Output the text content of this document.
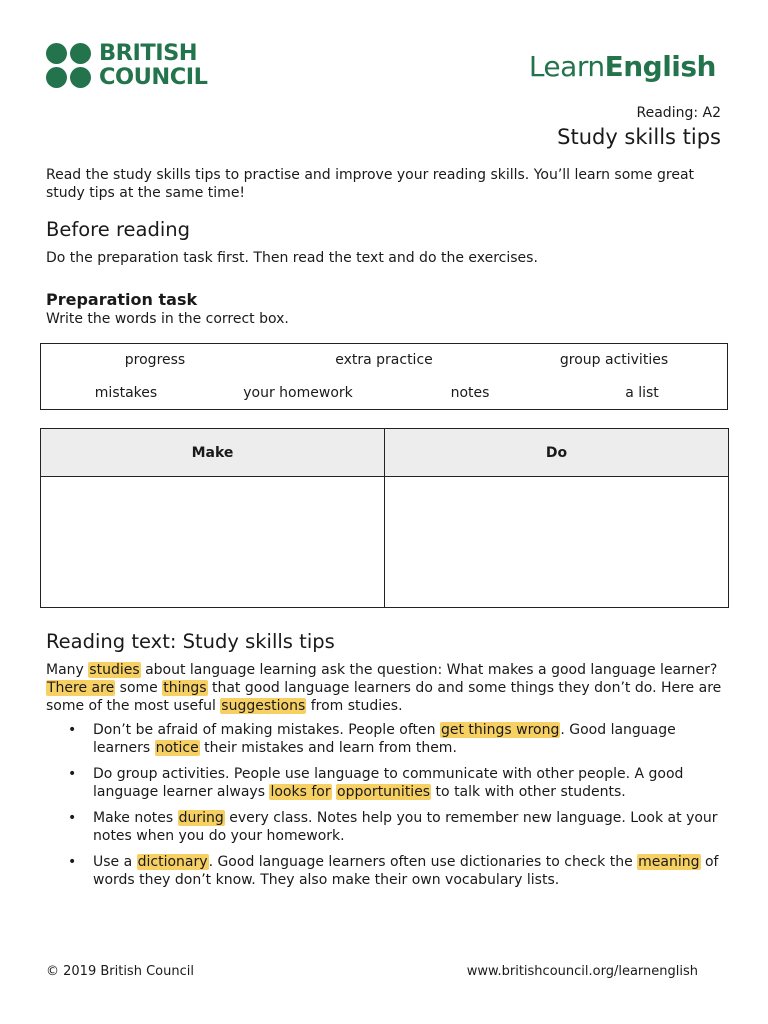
BRITISH
COUNCIL	LearnEnglish
Reading: A2
Study skills tips
Read the study skills tips to practise and improve your reading skills. You’ll learn some great study tips at the same time!
Before reading
Do the preparation task first. Then read the text and do the exercises.
Preparation task
Write the words in the correct box.
progress	extra practice	group activities
mistakes	your homework	notes	a list
Make	Do

Reading text: Study skills tips

Many studies about language learning ask the question: What makes a good language learner? There are some things that good language learners do and some things they don’t do. Here are some of the most useful suggestions from studies.

• Don’t be afraid of making mistakes. People often get things wrong. Good language learners notice their mistakes and learn from them.
• Do group activities. People use language to communicate with other people. A good language learner always looks for opportunities to talk with other students.
• Make notes during every class. Notes help you to remember new language. Look at your notes when you do your homework.
• Use a dictionary. Good language learners often use dictionaries to check the meaning of words they don’t know. They also make their own vocabulary lists.
© 2019 British Council	www.britishcouncil.org/learnenglish
